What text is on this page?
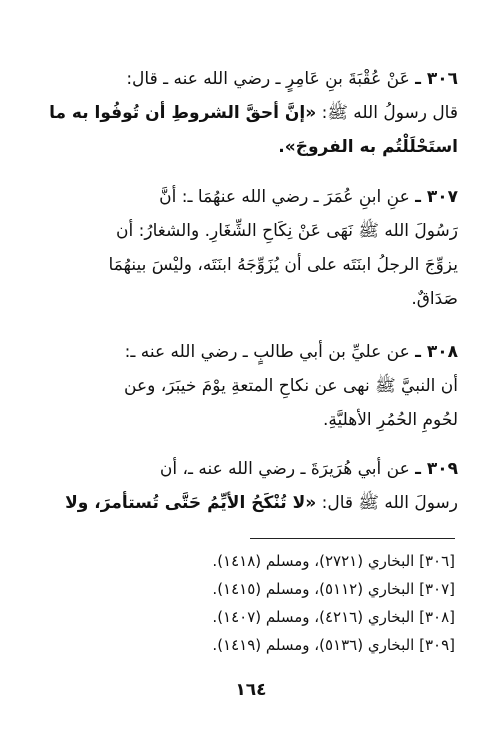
٣٠٦ ـ عَنْ عُقْبَةَ بنِ عَامِرٍ ـ رضي الله عنه ـ قال:
قال رسولُ الله ﷺ: «إنَّ أحقَّ الشروطِ أن تُوفُوا به ما
استَحْلَلْتُم به الفروجَ».
٣٠٧ ـ عنِ ابنِ عُمَرَ ـ رضي الله عنهُمَا ـ: أنَّ
رَسُولَ الله ﷺ نَهَى عَنْ نِكَاحِ الشِّغَارِ. والشغارُ: أن
يزوِّجَ الرجلُ ابنَتَه على أن يُزَوِّجَهُ ابنَتَه، وليْسَ بينهُمَا
صَدَاقٌ.
٣٠٨ ـ عن عليِّ بن أبي طالبٍ ـ رضي الله عنه ـ:
أن النبيَّ ﷺ نهى عن نكاحِ المتعةِ يوْمَ خيبَرَ، وعن
لحُومِ الحُمُرِ الأهليَّةِ.
٣٠٩ ـ عن أبي هُرَيرَةَ ـ رضي الله عنه ـ، أن
رسولَ الله ﷺ قال: «لا تُنْكَحُ الأيِّمُ حَتَّى تُستأمرَ، ولا
[٣٠٦] البخاري (٢٧٢١)، ومسلم (١٤١٨).
[٣٠٧] البخاري (٥١١٢)، ومسلم (١٤١٥).
[٣٠٨] البخاري (٤٢١٦)، ومسلم (١٤٠٧).
[٣٠٩] البخاري (٥١٣٦)، ومسلم (١٤١٩).
١٦٤
